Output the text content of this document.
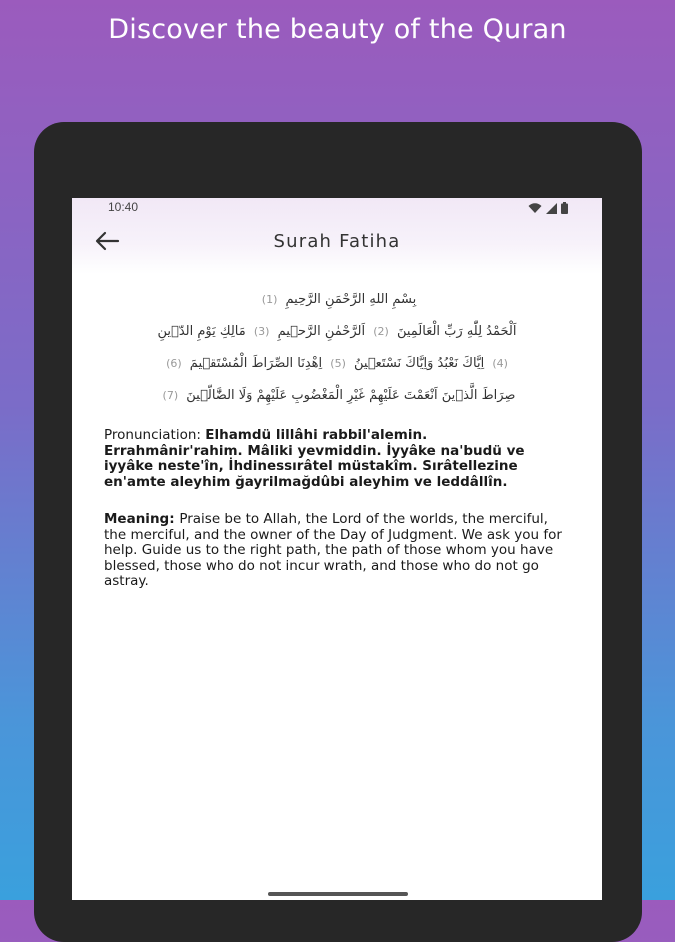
Discover the beauty of the Quran
10:40
Surah Fatiha
بِسْمِ اللهِ الرَّحْمَنِ الرَّحِيمِ (1)
اَلْحَمْدُ لِلّٰهِ رَبِّ الْعَالَمِينَ (2) اَلرَّحْمٰنِ الرَّح۪يمِ (3) مَالِكِ يَوْمِ الدّ۪ينِ
(4) اِيَّاكَ نَعْبُدُ وَاِيَّاكَ نَسْتَع۪ينُ (5) اِهْدِنَا الصِّرَاطَ الْمُسْتَق۪يمَ (6)
صِرَاطَ الَّذ۪ينَ اَنْعَمْتَ عَلَيْهِمْ غَيْرِ الْمَغْضُوبِ عَلَيْهِمْ وَلَا الضَّٓالّ۪ينَ (7)
Pronunciation: Elhamdü lillâhi rabbil'alemin. Errahmânir'rahim. Mâliki yevmiddin. İyyâke na'budü ve iyyâke neste'în, İhdinessırâtel müstakîm. Sırâtellezine en'amte aleyhim ğayrilmağdûbi aleyhim ve leddâllîn.
Meaning: Praise be to Allah, the Lord of the worlds, the merciful, the merciful, and the owner of the Day of Judgment. We ask you for help. Guide us to the right path, the path of those whom you have blessed, those who do not incur wrath, and those who do not go astray.
